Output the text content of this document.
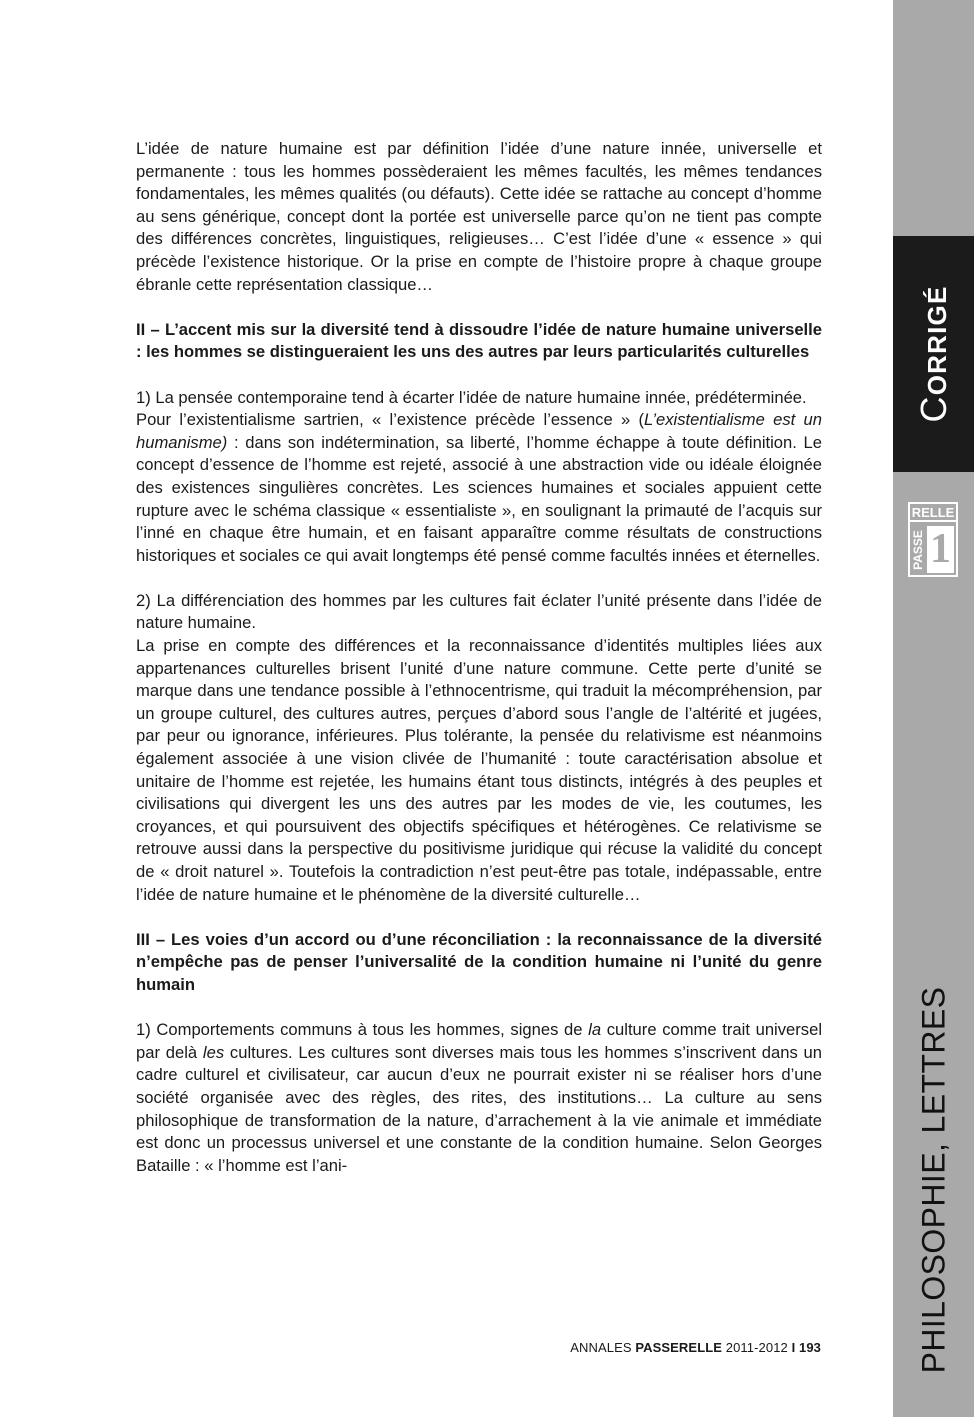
L’idée de nature humaine est par définition l’idée d’une nature innée, universelle et permanente : tous les hommes possèderaient les mêmes facultés, les mêmes tendances fondamentales, les mêmes qualités (ou défauts). Cette idée se rattache au concept d’homme au sens générique, concept dont la portée est universelle parce qu’on ne tient pas compte des différences concrètes, linguistiques, religieuses… C’est l’idée d’une « essence » qui précède l’existence historique. Or la prise en compte de l’histoire propre à chaque groupe ébranle cette représentation classique…

II – L’accent mis sur la diversité tend à dissoudre l’idée de nature humaine universelle : les hommes se distingueraient les uns des autres par leurs particularités culturelles

1) La pensée contemporaine tend à écarter l’idée de nature humaine innée, prédéterminée.

Pour l’existentialisme sartrien, « l’existence précède l’essence » (L’existentialisme est un humanisme) : dans son indétermination, sa liberté, l’homme échappe à toute définition. Le concept d’essence de l’homme est rejeté, associé à une abstraction vide ou idéale éloignée des existences singulières concrètes. Les sciences humaines et sociales appuient cette rupture avec le schéma classique « essentialiste », en soulignant la primauté de l’acquis sur l’inné en chaque être humain, et en faisant apparaître comme résultats de constructions historiques et sociales ce qui avait longtemps été pensé comme facultés innées et éternelles.

2) La différenciation des hommes par les cultures fait éclater l’unité présente dans l’idée de nature humaine.

La prise en compte des différences et la reconnaissance d’identités multiples liées aux appartenances culturelles brisent l’unité d’une nature commune. Cette perte d’unité se marque dans une tendance possible à l’ethnocentrisme, qui traduit la mécompréhension, par un groupe culturel, des cultures autres, perçues d’abord sous l’angle de l’altérité et jugées, par peur ou ignorance, inférieures. Plus tolérante, la pensée du relativisme est néanmoins également associée à une vision clivée de l’humanité : toute caractérisation absolue et unitaire de l’homme est rejetée, les humains étant tous distincts, intégrés à des peuples et civilisations qui divergent les uns des autres par les modes de vie, les coutumes, les croyances, et qui poursuivent des objectifs spécifiques et hétérogènes. Ce relativisme se retrouve aussi dans la perspective du positivisme juridique qui récuse la validité du concept de « droit naturel ». Toutefois la contradiction n’est peut-être pas totale, indépassable, entre l’idée de nature humaine et le phénomène de la diversité culturelle…

III – Les voies d’un accord ou d’une réconciliation : la reconnaissance de la diversité n’empêche pas de penser l’universalité de la condition humaine ni l’unité du genre humain

1) Comportements communs à tous les hommes, signes de la culture comme trait universel par delà les cultures. Les cultures sont diverses mais tous les hommes s’inscrivent dans un cadre culturel et civilisateur, car aucun d’eux ne pourrait exister ni se réaliser hors d’une société organisée avec des règles, des rites, des institutions… La culture au sens philosophique de transformation de la nature, d’arrachement à la vie animale et immédiate est donc un processus universel et une constante de la condition humaine. Selon Georges Bataille : « l’homme est l’ani-

ANNALES PASSERELLE 2011-2012 I 193
CORRIGÉ
RELLE
PASSE 1
PHILOSOPHIE, LETTRES
